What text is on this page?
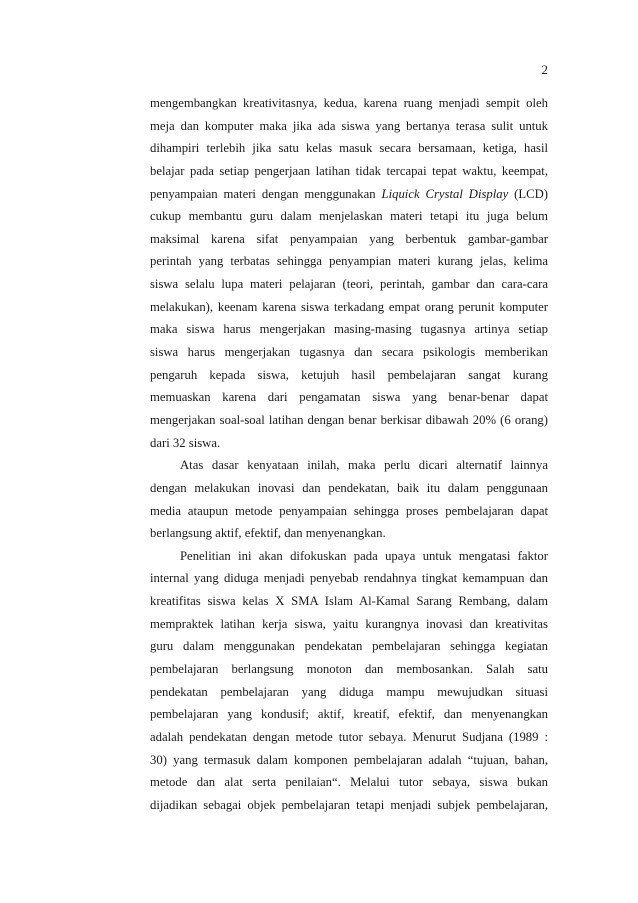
2
mengembangkan kreativitasnya, kedua, karena ruang menjadi sempit oleh
meja dan komputer maka jika ada siswa yang bertanya terasa sulit untuk
dihampiri terlebih jika satu kelas masuk secara bersamaan, ketiga, hasil
belajar pada setiap pengerjaan latihan tidak tercapai tepat waktu, keempat,
penyampaian materi dengan menggunakan Liquick Crystal Display (LCD)
cukup membantu guru dalam menjelaskan materi tetapi itu juga belum
maksimal karena sifat penyampaian yang berbentuk gambar-gambar
perintah yang terbatas sehingga penyampian materi kurang jelas, kelima
siswa selalu lupa materi pelajaran (teori, perintah, gambar dan cara-cara
melakukan), keenam karena siswa terkadang empat orang perunit komputer
maka siswa harus mengerjakan masing-masing tugasnya artinya setiap
siswa harus mengerjakan tugasnya dan secara psikologis memberikan
pengaruh kepada siswa, ketujuh hasil pembelajaran sangat kurang
memuaskan karena dari pengamatan siswa yang benar-benar dapat
mengerjakan soal-soal latihan dengan benar berkisar dibawah 20% (6 orang)
dari 32 siswa.
Atas dasar kenyataan inilah, maka perlu dicari alternatif lainnya
dengan melakukan inovasi dan pendekatan, baik itu dalam penggunaan
media ataupun metode penyampaian sehingga proses pembelajaran dapat
berlangsung aktif, efektif, dan menyenangkan.
Penelitian ini akan difokuskan pada upaya untuk mengatasi faktor
internal yang diduga menjadi penyebab rendahnya tingkat kemampuan dan
kreatifitas siswa kelas X SMA Islam Al-Kamal Sarang Rembang, dalam
mempraktek latihan kerja siswa, yaitu kurangnya inovasi dan kreativitas
guru dalam menggunakan pendekatan pembelajaran sehingga kegiatan
pembelajaran berlangsung monoton dan membosankan. Salah satu
pendekatan pembelajaran yang diduga mampu mewujudkan situasi
pembelajaran yang kondusif; aktif, kreatif, efektif, dan menyenangkan
adalah pendekatan dengan metode tutor sebaya. Menurut Sudjana (1989 :
30) yang termasuk dalam komponen pembelajaran adalah “tujuan, bahan,
metode dan alat serta penilaian“. Melalui tutor sebaya, siswa bukan
dijadikan sebagai objek pembelajaran tetapi menjadi subjek pembelajaran,
